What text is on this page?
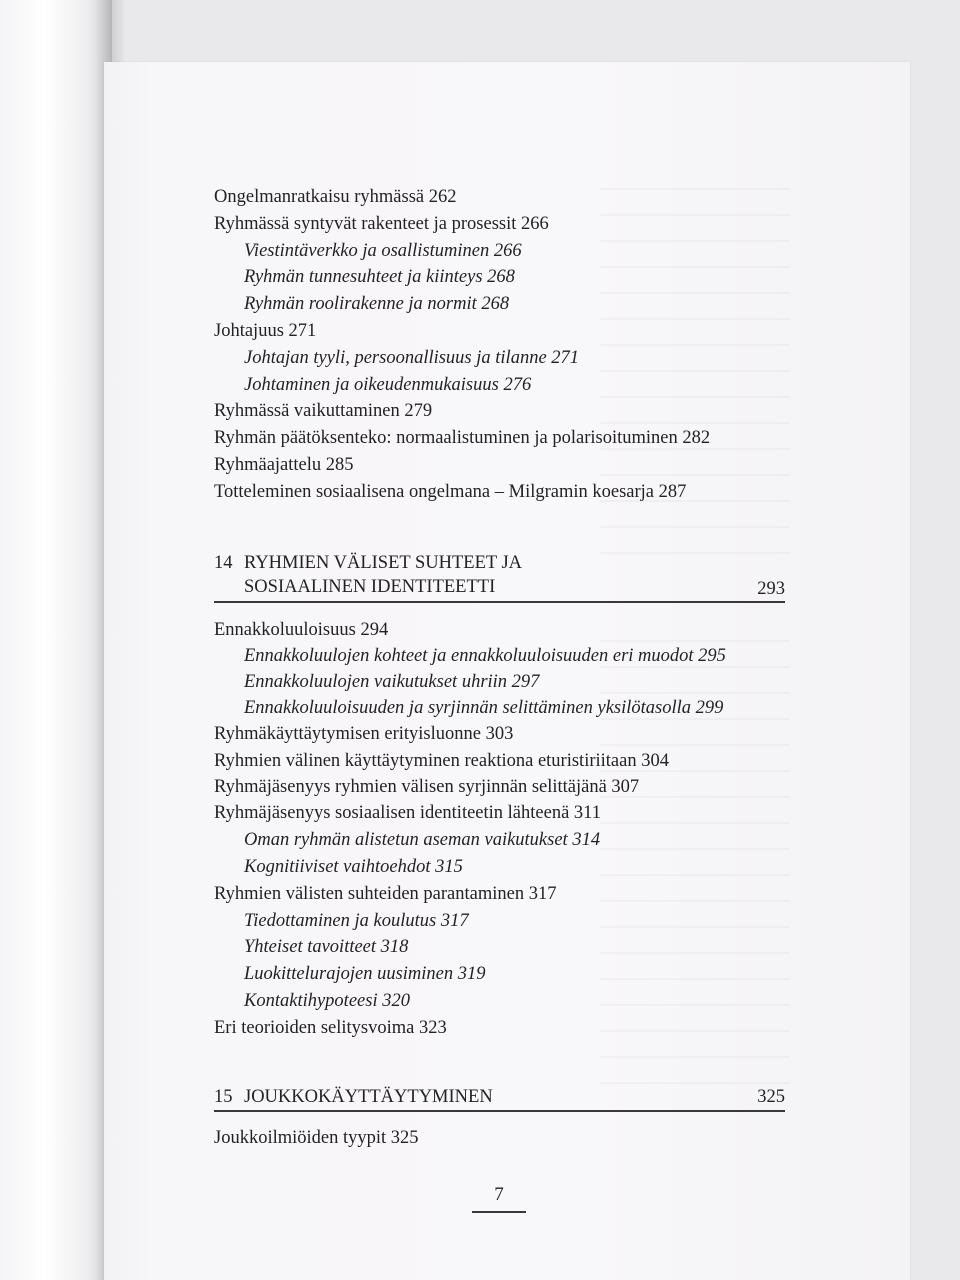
Ongelmanratkaisu ryhmässä 262
Ryhmässä syntyvät rakenteet ja prosessit 266
Viestintäverkko ja osallistuminen 266
Ryhmän tunnesuhteet ja kiinteys 268
Ryhmän roolirakenne ja normit 268
Johtajuus 271
Johtajan tyyli, persoonallisuus ja tilanne 271
Johtaminen ja oikeudenmukaisuus 276
Ryhmässä vaikuttaminen 279
Ryhmän päätöksenteko: normaalistuminen ja polarisoituminen 282
Ryhmäajattelu 285
Totteleminen sosiaalisena ongelmana – Milgramin koesarja 287
14 RYHMIEN VÄLISET SUHTEET JA
SOSIAALINEN IDENTITEETTI	293
Ennakkoluuloisuus 294
Ennakkoluulojen kohteet ja ennakkoluuloisuuden eri muodot 295
Ennakkoluulojen vaikutukset uhriin 297
Ennakkoluuloisuuden ja syrjinnän selittäminen yksilötasolla 299
Ryhmäkäyttäytymisen erityisluonne 303
Ryhmien välinen käyttäytyminen reaktiona eturistiriitaan 304
Ryhmäjäsenyys ryhmien välisen syrjinnän selittäjänä 307
Ryhmäjäsenyys sosiaalisen identiteetin lähteenä 311
Oman ryhmän alistetun aseman vaikutukset 314
Kognitiiviset vaihtoehdot 315
Ryhmien välisten suhteiden parantaminen 317
Tiedottaminen ja koulutus 317
Yhteiset tavoitteet 318
Luokittelurajojen uusiminen 319
Kontaktihypoteesi 320
Eri teorioiden selitysvoima 323
15 JOUKKOKÄYTTÄYTYMINEN	325
Joukkoilmiöiden tyypit 325
7
